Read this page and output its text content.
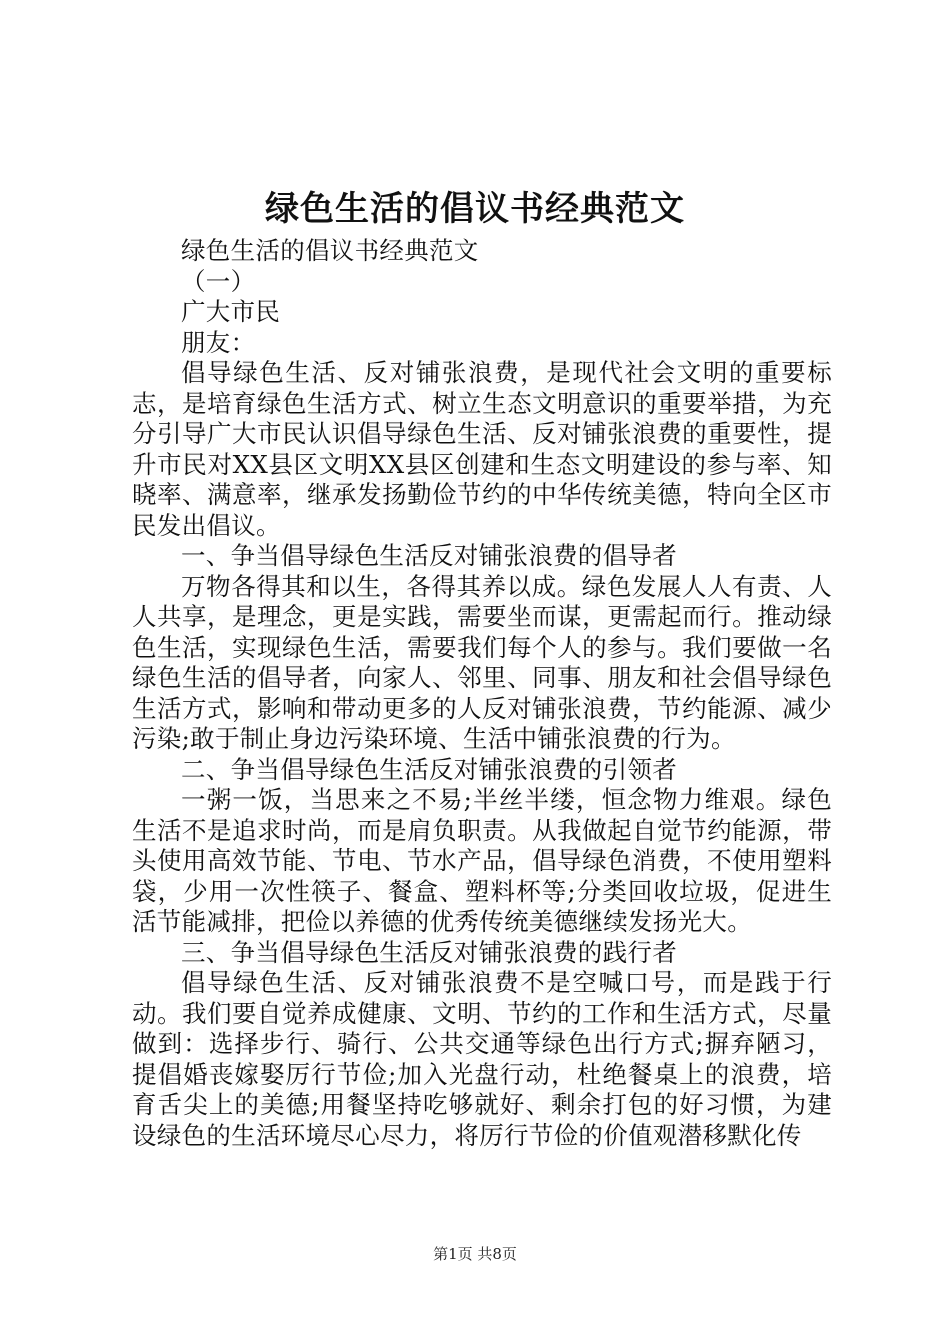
绿色生活的倡议书经典范文

绿色生活的倡议书经典范文

（一）

广大市民

朋友：

倡导绿色生活、反对铺张浪费，是现代社会文明的重要标志，是培育绿色生活方式、树立生态文明意识的重要举措，为充分引导广大市民认识倡导绿色生活、反对铺张浪费的重要性，提升市民对XX县区文明XX县区创建和生态文明建设的参与率、知晓率、满意率，继承发扬勤俭节约的中华传统美德，特向全区市民发出倡议。

一、争当倡导绿色生活反对铺张浪费的倡导者

万物各得其和以生，各得其养以成。绿色发展人人有责、人人共享，是理念，更是实践，需要坐而谋，更需起而行。推动绿色生活，实现绿色生活，需要我们每个人的参与。我们要做一名绿色生活的倡导者，向家人、邻里、同事、朋友和社会倡导绿色生活方式，影响和带动更多的人反对铺张浪费，节约能源、减少污染;敢于制止身边污染环境、生活中铺张浪费的行为。

二、争当倡导绿色生活反对铺张浪费的引领者

一粥一饭，当思来之不易;半丝半缕，恒念物力维艰。绿色生活不是追求时尚，而是肩负职责。从我做起自觉节约能源，带头使用高效节能、节电、节水产品，倡导绿色消费，不使用塑料袋，少用一次性筷子、餐盒、塑料杯等;分类回收垃圾，促进生活节能减排，把俭以养德的优秀传统美德继续发扬光大。

三、争当倡导绿色生活反对铺张浪费的践行者

倡导绿色生活、反对铺张浪费不是空喊口号，而是践于行动。我们要自觉养成健康、文明、节约的工作和生活方式，尽量做到：选择步行、骑行、公共交通等绿色出行方式;摒弃陋习，提倡婚丧嫁娶厉行节俭;加入光盘行动，杜绝餐桌上的浪费，培育舌尖上的美德;用餐坚持吃够就好、剩余打包的好习惯，为建设绿色的生活环境尽心尽力，将厉行节俭的价值观潜移默化传

第1页 共8页
